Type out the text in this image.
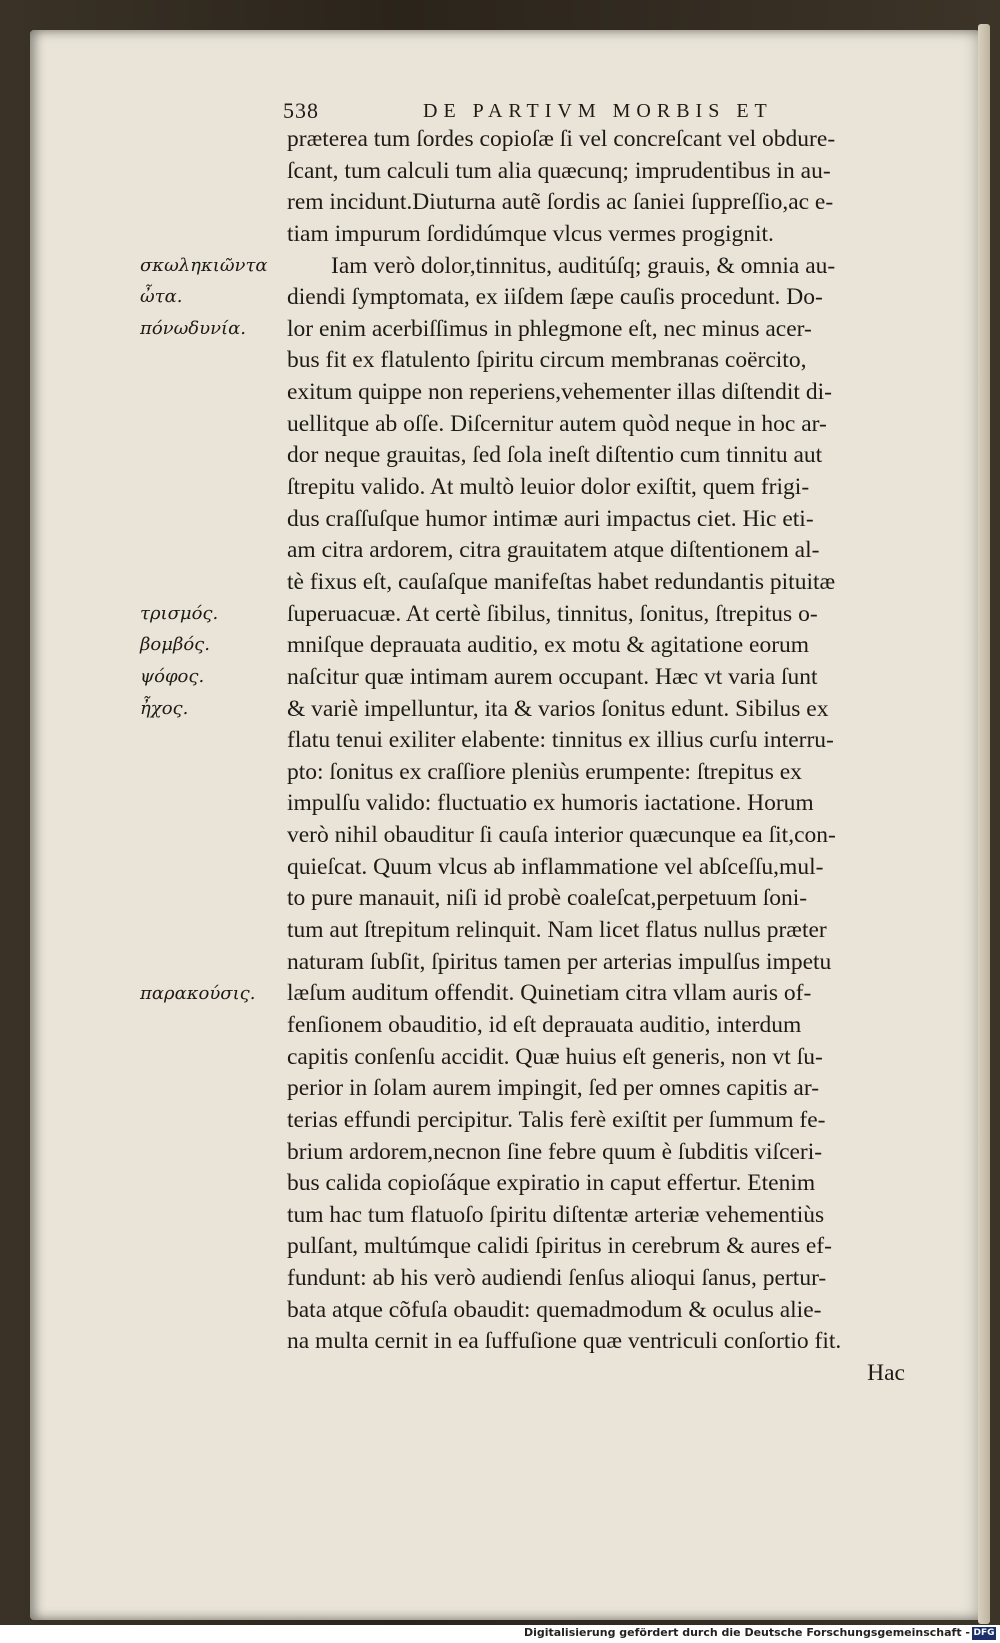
538	DE PARTIVM MORBIS ET
præterea tum ſordes copioſæ ſi vel concreſcant vel obdure-
ſcant, tum calculi tum alia quæcunq; imprudentibus in au-
rem incidunt.Diuturna autẽ ſordis ac ſaniei ſuppreſſio,ac e-
tiam impurum ſordidúmque vlcus vermes progignit.
Iam verò dolor,tinnitus, auditúſq; grauis, & omnia au-
diendi ſymptomata, ex iiſdem ſæpe cauſis procedunt. Do-
lor enim acerbiſſimus in phlegmone eſt, nec minus acer-
bus fit ex flatulento ſpiritu circum membranas coërcito,
exitum quippe non reperiens,vehementer illas diſtendit di-
uellitque ab oſſe. Diſcernitur autem quòd neque in hoc ar-
dor neque grauitas, ſed ſola ineſt diſtentio cum tinnitu aut
ſtrepitu valido. At multò leuior dolor exiſtit, quem frigi-
dus craſſuſque humor intimæ auri impactus ciet. Hic eti-
am citra ardorem, citra grauitatem atque diſtentionem al-
tè fixus eſt, cauſaſque manifeſtas habet redundantis pituitæ
ſuperuacuæ. At certè ſibilus, tinnitus, ſonitus, ſtrepitus o-
mniſque deprauata auditio, ex motu & agitatione eorum
naſcitur quæ intimam aurem occupant. Hæc vt varia ſunt
& variè impelluntur, ita & varios ſonitus edunt. Sibilus ex
flatu tenui exiliter elabente: tinnitus ex illius curſu interru-
pto: ſonitus ex craſſiore pleniùs erumpente: ſtrepitus ex
impulſu valido: fluctuatio ex humoris iactatione. Horum
verò nihil obauditur ſi cauſa interior quæcunque ea ſit,con-
quieſcat. Quum vlcus ab inflammatione vel abſceſſu,mul-
to pure manauit, niſi id probè coaleſcat,perpetuum ſoni-
tum aut ſtrepitum relinquit. Nam licet flatus nullus præter
naturam ſubſit, ſpiritus tamen per arterias impulſus impetu
læſum auditum offendit. Quinetiam citra vllam auris of-
fenſionem obauditio, id eſt deprauata auditio, interdum
capitis conſenſu accidit. Quæ huius eſt generis, non vt ſu-
perior in ſolam aurem impingit, ſed per omnes capitis ar-
terias effundi percipitur. Talis ferè exiſtit per ſummum fe-
brium ardorem,necnon ſine febre quum è ſubditis viſceri-
bus calida copioſáque expiratio in caput effertur. Etenim
tum hac tum flatuoſo ſpiritu diſtentæ arteriæ vehementiùs
pulſant, multúmque calidi ſpiritus in cerebrum & aures ef-
fundunt: ab his verò audiendi ſenſus alioqui ſanus, pertur-
bata atque cõfuſa obaudit: quemadmodum & oculus alie-
na multa cernit in ea ſuffuſione quæ ventriculi conſortio fit.
Hac
σκωληκιῶντα
ὦτα.
πόνωδυνία.
τρισμός.
βομβός.
ψόφος.
ἦχος.
παρακούσις.
Digitalisierung gefördert durch die Deutsche Forschungsgemeinschaft - DFG
